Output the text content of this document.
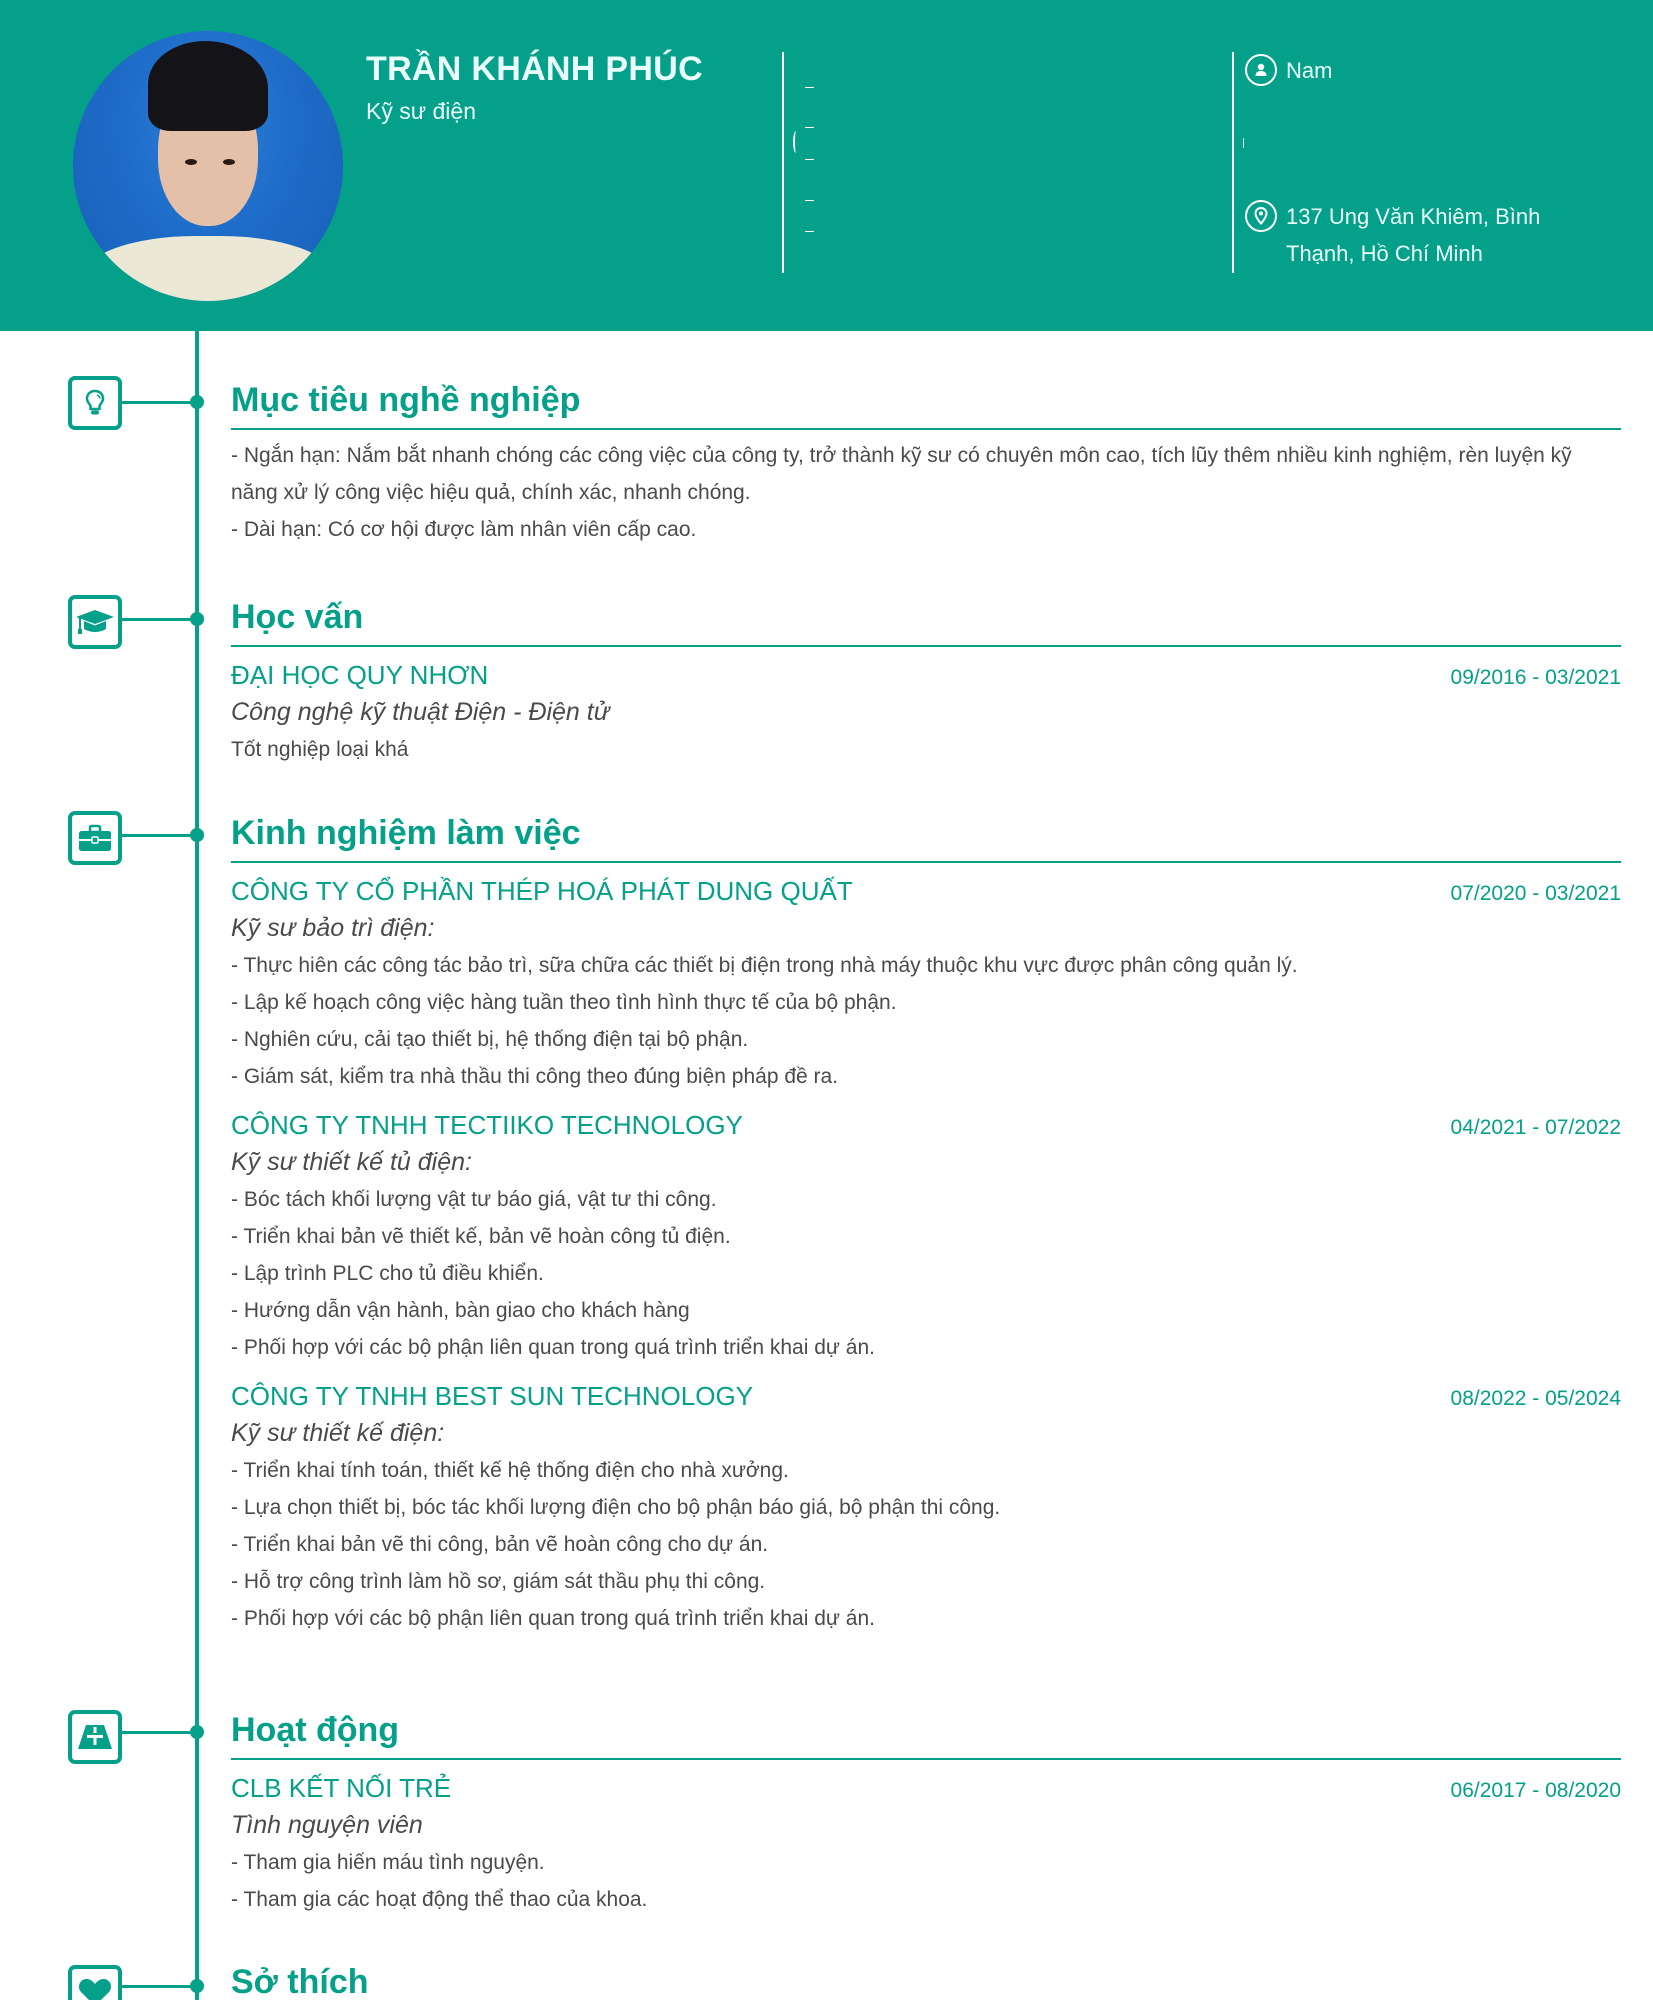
TRẦN KHÁNH PHÚC
Kỹ sư điện
Nam
137 Ung Văn Khiêm, Bình Thạnh, Hồ Chí Minh
Mục tiêu nghề nghiệp
- Ngắn hạn: Nắm bắt nhanh chóng các công việc của công ty, trở thành kỹ sư có chuyên môn cao, tích lũy thêm nhiều kinh nghiệm, rèn luyện kỹ năng xử lý công việc hiệu quả, chính xác, nhanh chóng.
- Dài hạn: Có cơ hội được làm nhân viên cấp cao.
Học vấn
ĐẠI HỌC QUY NHƠN	09/2016 - 03/2021
Công nghệ kỹ thuật Điện - Điện tử
Tốt nghiệp loại khá
Kinh nghiệm làm việc
CÔNG TY CỔ PHẦN THÉP HOÁ PHÁT DUNG QUẤT	07/2020 - 03/2021
Kỹ sư bảo trì điện:
- Thực hiên các công tác bảo trì, sữa chữa các thiết bị điện trong nhà máy thuộc khu vực được phân công quản lý.
- Lập kế hoạch công việc hàng tuần theo tình hình thực tế của bộ phận.
- Nghiên cứu, cải tạo thiết bị, hệ thống điện tại bộ phận.
- Giám sát, kiểm tra nhà thầu thi công theo đúng biện pháp đề ra.
CÔNG TY TNHH TECTIIKO TECHNOLOGY	04/2021 - 07/2022
Kỹ sư thiết kế tủ điện:
- Bóc tách khối lượng vật tư báo giá, vật tư thi công.
- Triển khai bản vẽ thiết kế, bản vẽ hoàn công tủ điện.
- Lập trình PLC cho tủ điều khiển.
- Hướng dẫn vận hành, bàn giao cho khách hàng
- Phối hợp với các bộ phận liên quan trong quá trình triển khai dự án.
CÔNG TY TNHH BEST SUN TECHNOLOGY	08/2022 - 05/2024
Kỹ sư thiết kế điện:
- Triển khai tính toán, thiết kế hệ thống điện cho nhà xưởng.
- Lựa chọn thiết bị, bóc tác khối lượng điện cho bộ phận báo giá, bộ phận thi công.
- Triển khai bản vẽ thi công, bản vẽ hoàn công cho dự án.
- Hỗ trợ công trình làm hồ sơ, giám sát thầu phụ thi công.
- Phối hợp với các bộ phận liên quan trong quá trình triển khai dự án.
Hoạt động
CLB KẾT NỐI TRẺ	06/2017 - 08/2020
Tình nguyện viên
- Tham gia hiến máu tình nguyện.
- Tham gia các hoạt động thể thao của khoa.
Sở thích
